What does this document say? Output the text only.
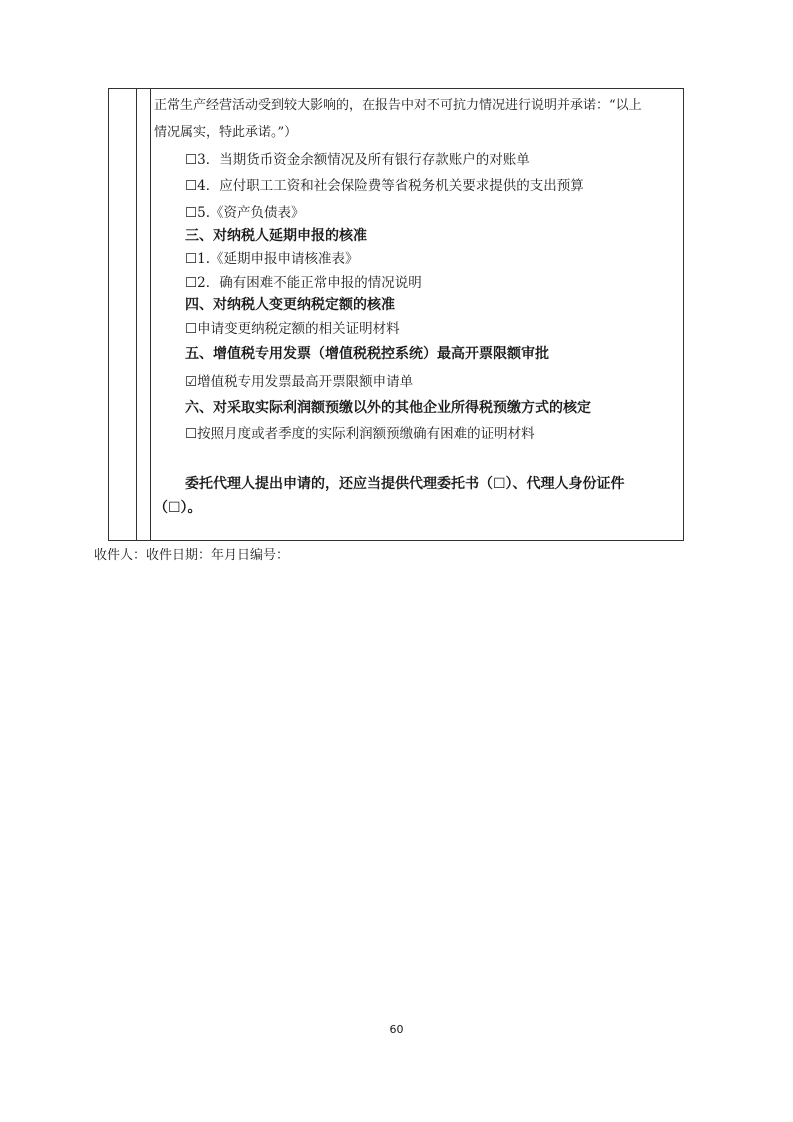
正常生产经营活动受到较大影响的，在报告中对不可抗力情况进行说明并承诺：“以上
情况属实，特此承诺。”）
☐3．当期货币资金余额情况及所有银行存款账户的对账单
☐4．应付职工工资和社会保险费等省税务机关要求提供的支出预算
☐5.《资产负债表》
三、对纳税人延期申报的核准
☐1.《延期申报申请核准表》
☐2．确有困难不能正常申报的情况说明
四、对纳税人变更纳税定额的核准
☐申请变更纳税定额的相关证明材料
五、增值税专用发票（增值税税控系统）最高开票限额审批
☑增值税专用发票最高开票限额申请单
六、对采取实际利润额预缴以外的其他企业所得税预缴方式的核定
☐按照月度或者季度的实际利润额预缴确有困难的证明材料
委托代理人提出申请的，还应当提供代理委托书（☐）、代理人身份证件
（☐）。
收件人：收件日期：年月日编号：
60
